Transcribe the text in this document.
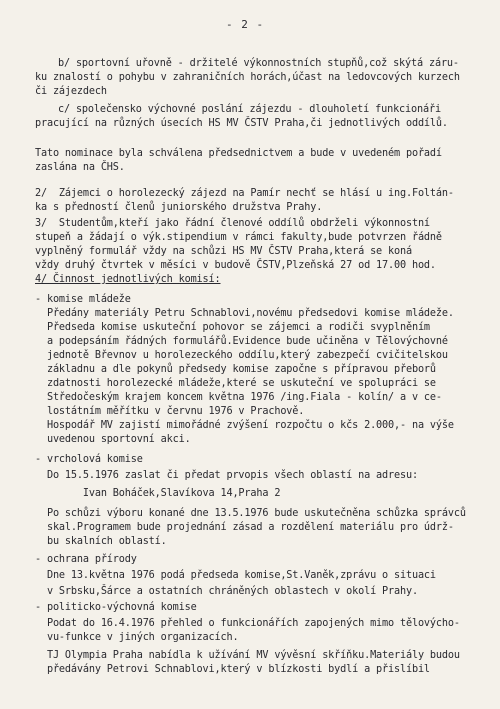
- 2 -
b/ sportovní uřovně - držitelé výkonnostních stupňů,což skýtá záru-
ku znalostí o pohybu v zahraničních horách,účast na ledovcových kurzech
či zájezdech
c/ společensko výchovné poslání zájezdu - dlouholetí funkcionáři
pracující na různých úsecích HS MV ČSTV Praha,či jednotlivých oddílů.
Tato nominace byla schválena předsednictvem a bude v uvedeném pořadí
zaslána na ČHS.
2/  Zájemci o horolezecký zájezd na Pamír nechť se hlásí u ing.Foltán-
ka s předností členů juniorského družstva Prahy.
3/  Studentům,kteří jako řádní členové oddílů obdrželi výkonnostní
stupeň a žádají o výk.stipendium v rámci fakulty,bude potvrzen řádně
vyplněný formulář vždy na schůzi HS MV ČSTV Praha,která se koná
vždy druhý čtvrtek v měsíci v budově ČSTV,Plzeňská 27 od 17.00 hod.
4/ Činnost jednotlivých komisí:
- komise mládeže
Předány materiály Petru Schnablovi,novému předsedovi komise mládeže.
Předseda komise uskuteční pohovor se zájemci a rodiči svyplněním
a podepsáním řádných formulářů.Evidence bude učiněna v Tělovýchovné
jednotě Břevnov u horolezeckého oddílu,který zabezpečí cvičitelskou
základnu a dle pokynů předsedy komise započne s přípravou přeborů
zdatnosti horolezecké mládeže,které se uskuteční ve spolupráci se
Středočeským krajem koncem května 1976 /ing.Fiala - kolín/ a v ce-
lostátním měřítku v červnu 1976 v Prachově.
Hospodář MV zajistí mimořádné zvýšení rozpočtu o kčs 2.000,- na výše
uvedenou sportovní akci.
- vrcholová komise
Do 15.5.1976 zaslat či předat prvopis všech oblastí na adresu:
Ivan Boháček,Slavíkova 14,Praha 2
Po schůzi výboru konané dne 13.5.1976 bude uskutečněna schůzka správců
skal.Programem bude projednání zásad a rozdělení materiálu pro údrž-
bu skalních oblastí.
- ochrana přírody
Dne 13.května 1976 podá předseda komise,St.Vaněk,zprávu o situaci
v Srbsku,Šárce a ostatních chráněných oblastech v okolí Prahy.
- politicko-výchovná komise
Podat do 16.4.1976 přehled o funkcionářích zapojených mimo tělovýcho-
vu-funkce v jiných organizacích.
TJ Olympia Praha nabídla k užívání MV vývěsní skříňku.Materiály budou
předávány Petrovi Schnablovi,který v blízkosti bydlí a přislíbil
